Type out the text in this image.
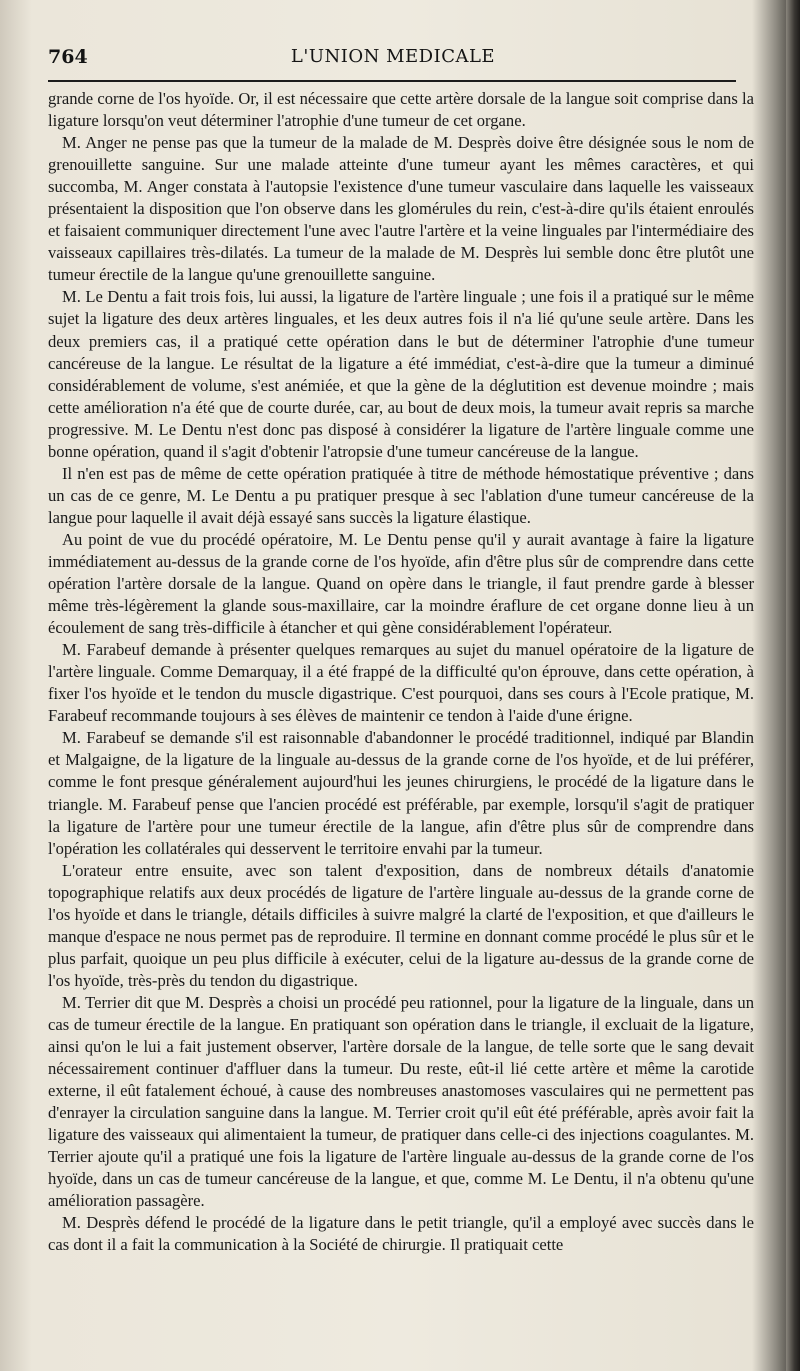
764	L'UNION MEDICALE

grande corne de l'os hyoïde. Or, il est nécessaire que cette artère dorsale de la langue soit comprise dans la ligature lorsqu'on veut déterminer l'atrophie d'une tumeur de cet organe.

M. Anger ne pense pas que la tumeur de la malade de M. Desprès doive être désignée sous le nom de grenouillette sanguine. Sur une malade atteinte d'une tumeur ayant les mêmes caractères, et qui succomba, M. Anger constata à l'autopsie l'existence d'une tumeur vasculaire dans laquelle les vaisseaux présentaient la disposition que l'on observe dans les glomérules du rein, c'est-à-dire qu'ils étaient enroulés et faisaient communiquer directement l'une avec l'autre l'artère et la veine linguales par l'intermédiaire des vaisseaux capillaires très-dilatés. La tumeur de la malade de M. Desprès lui semble donc être plutôt une tumeur érectile de la langue qu'une grenouillette sanguine.

M. Le Dentu a fait trois fois, lui aussi, la ligature de l'artère linguale ; une fois il a pratiqué sur le même sujet la ligature des deux artères linguales, et les deux autres fois il n'a lié qu'une seule artère. Dans les deux premiers cas, il a pratiqué cette opération dans le but de déterminer l'atrophie d'une tumeur cancéreuse de la langue. Le résultat de la ligature a été immédiat, c'est-à-dire que la tumeur a diminué considérablement de volume, s'est anémiée, et que la gène de la déglutition est devenue moindre ; mais cette amélioration n'a été que de courte durée, car, au bout de deux mois, la tumeur avait repris sa marche progressive. M. Le Dentu n'est donc pas disposé à considérer la ligature de l'artère linguale comme une bonne opération, quand il s'agit d'obtenir l'atropsie d'une tumeur cancéreuse de la langue.

Il n'en est pas de même de cette opération pratiquée à titre de méthode hémostatique préventive ; dans un cas de ce genre, M. Le Dentu a pu pratiquer presque à sec l'ablation d'une tumeur cancéreuse de la langue pour laquelle il avait déjà essayé sans succès la ligature élastique.

Au point de vue du procédé opératoire, M. Le Dentu pense qu'il y aurait avantage à faire la ligature immédiatement au-dessus de la grande corne de l'os hyoïde, afin d'être plus sûr de comprendre dans cette opération l'artère dorsale de la langue. Quand on opère dans le triangle, il faut prendre garde à blesser même très-légèrement la glande sous-maxillaire, car la moindre éraflure de cet organe donne lieu à un écoulement de sang très-difficile à étancher et qui gène considérablement l'opérateur.

M. Farabeuf demande à présenter quelques remarques au sujet du manuel opératoire de la ligature de l'artère linguale. Comme Demarquay, il a été frappé de la difficulté qu'on éprouve, dans cette opération, à fixer l'os hyoïde et le tendon du muscle digastrique. C'est pourquoi, dans ses cours à l'Ecole pratique, M. Farabeuf recommande toujours à ses élèves de maintenir ce tendon à l'aide d'une érigne.

M. Farabeuf se demande s'il est raisonnable d'abandonner le procédé traditionnel, indiqué par Blandin et Malgaigne, de la ligature de la linguale au-dessus de la grande corne de l'os hyoïde, et de lui préférer, comme le font presque généralement aujourd'hui les jeunes chirurgiens, le procédé de la ligature dans le triangle. M. Farabeuf pense que l'ancien procédé est préférable, par exemple, lorsqu'il s'agit de pratiquer la ligature de l'artère pour une tumeur érectile de la langue, afin d'être plus sûr de comprendre dans l'opération les collatérales qui desservent le territoire envahi par la tumeur.

L'orateur entre ensuite, avec son talent d'exposition, dans de nombreux détails d'anatomie topographique relatifs aux deux procédés de ligature de l'artère linguale au-dessus de la grande corne de l'os hyoïde et dans le triangle, détails difficiles à suivre malgré la clarté de l'exposition, et que d'ailleurs le manque d'espace ne nous permet pas de reproduire. Il termine en donnant comme procédé le plus sûr et le plus parfait, quoique un peu plus difficile à exécuter, celui de la ligature au-dessus de la grande corne de l'os hyoïde, très-près du tendon du digastrique.

M. Terrier dit que M. Desprès a choisi un procédé peu rationnel, pour la ligature de la linguale, dans un cas de tumeur érectile de la langue. En pratiquant son opération dans le triangle, il excluait de la ligature, ainsi qu'on le lui a fait justement observer, l'artère dorsale de la langue, de telle sorte que le sang devait nécessairement continuer d'affluer dans la tumeur. Du reste, eût-il lié cette artère et même la carotide externe, il eût fatalement échoué, à cause des nombreuses anastomoses vasculaires qui ne permettent pas d'enrayer la circulation sanguine dans la langue. M. Terrier croit qu'il eût été préférable, après avoir fait la ligature des vaisseaux qui alimentaient la tumeur, de pratiquer dans celle-ci des injections coagulantes. M. Terrier ajoute qu'il a pratiqué une fois la ligature de l'artère linguale au-dessus de la grande corne de l'os hyoïde, dans un cas de tumeur cancéreuse de la langue, et que, comme M. Le Dentu, il n'a obtenu qu'une amélioration passagère.

M. Desprès défend le procédé de la ligature dans le petit triangle, qu'il a employé avec succès dans le cas dont il a fait la communication à la Société de chirurgie. Il pratiquait cette
